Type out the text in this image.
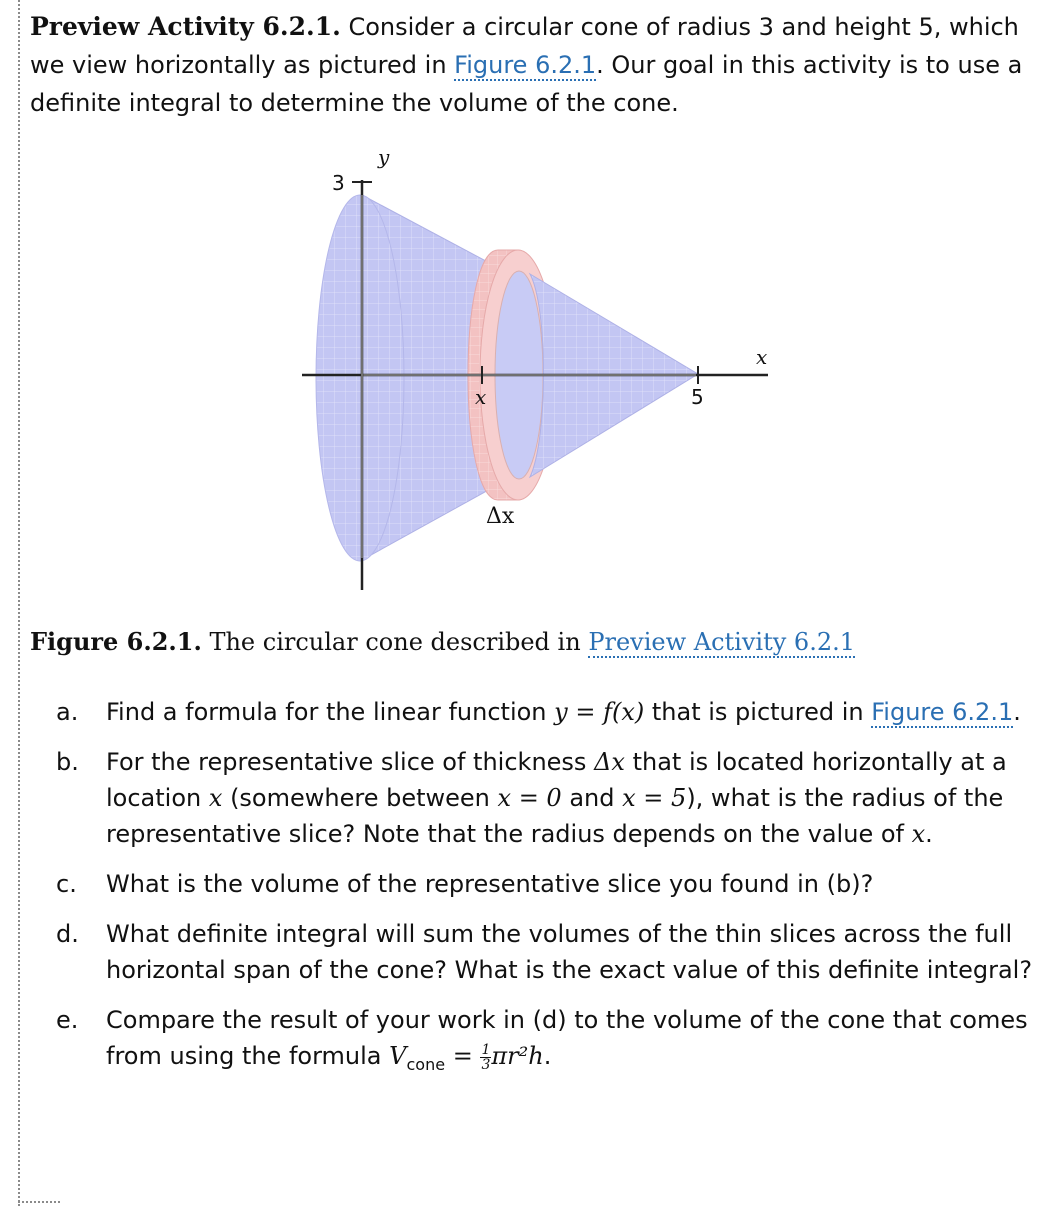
Preview Activity 6.2.1. Consider a circular cone of radius 3 and height 5, which we view horizontally as pictured in Figure 6.2.1. Our goal in this activity is to use a definite integral to determine the volume of the cone.

y
3
x
x	5
Δx

Figure 6.2.1. The circular cone described in Preview Activity 6.2.1

a.	Find a formula for the linear function y = f(x) that is pictured in Figure 6.2.1.
b.	For the representative slice of thickness Δx that is located horizontally at a location x (somewhere between x = 0 and x = 5), what is the radius of the representative slice? Note that the radius depends on the value of x.
c.	What is the volume of the representative slice you found in (b)?
d.	What definite integral will sum the volumes of the thin slices across the full horizontal span of the cone? What is the exact value of this definite integral?
e.	Compare the result of your work in (d) to the volume of the cone that comes from using the formula $V_{cone} = \frac{1}{3} \pi r^2h$.
